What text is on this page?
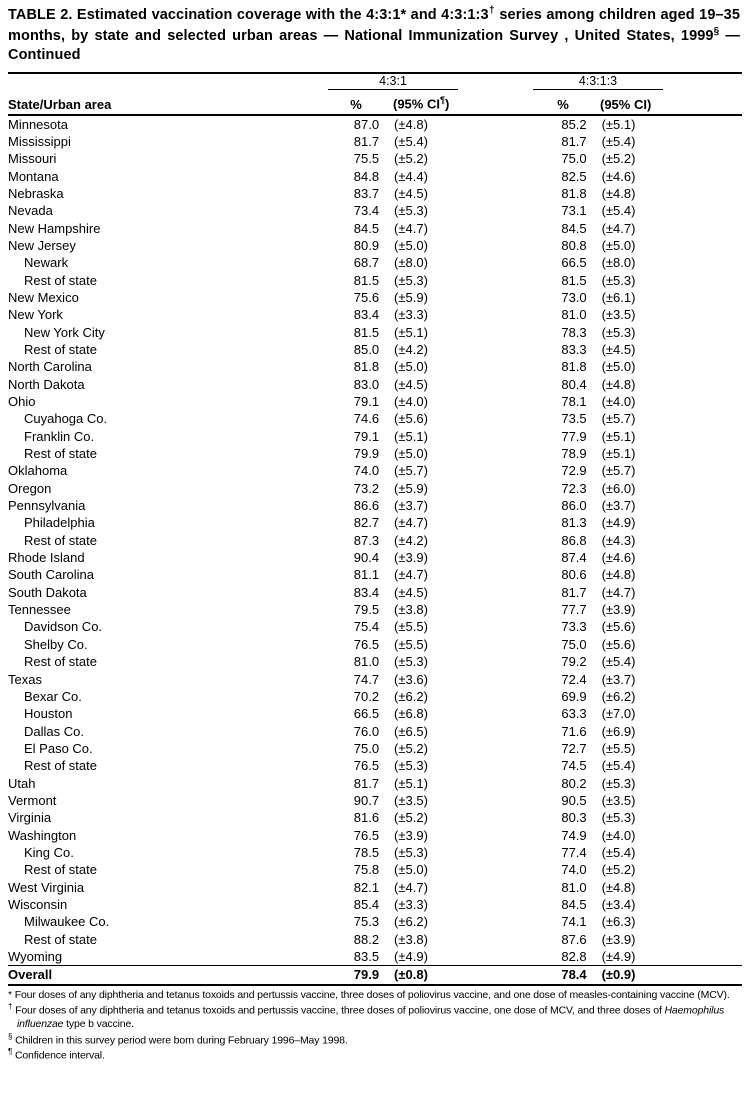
TABLE 2. Estimated vaccination coverage with the 4:3:1* and 4:3:1:3† series among children aged 19–35 months, by state and selected urban areas — National Immunization Survey , United States, 1999§ — Continued
4:3:1	4:3:1:3
State/Urban area	%	(95% CI¶)	%	(95% CI)
Minnesota	87.0	(±4.8)	85.2	(±5.1)
Mississippi	81.7	(±5.4)	81.7	(±5.4)
Missouri	75.5	(±5.2)	75.0	(±5.2)
Montana	84.8	(±4.4)	82.5	(±4.6)
Nebraska	83.7	(±4.5)	81.8	(±4.8)
Nevada	73.4	(±5.3)	73.1	(±5.4)
New Hampshire	84.5	(±4.7)	84.5	(±4.7)
New Jersey	80.9	(±5.0)	80.8	(±5.0)
Newark	68.7	(±8.0)	66.5	(±8.0)
Rest of state	81.5	(±5.3)	81.5	(±5.3)
New Mexico	75.6	(±5.9)	73.0	(±6.1)
New York	83.4	(±3.3)	81.0	(±3.5)
New York City	81.5	(±5.1)	78.3	(±5.3)
Rest of state	85.0	(±4.2)	83.3	(±4.5)
North Carolina	81.8	(±5.0)	81.8	(±5.0)
North Dakota	83.0	(±4.5)	80.4	(±4.8)
Ohio	79.1	(±4.0)	78.1	(±4.0)
Cuyahoga Co.	74.6	(±5.6)	73.5	(±5.7)
Franklin Co.	79.1	(±5.1)	77.9	(±5.1)
Rest of state	79.9	(±5.0)	78.9	(±5.1)
Oklahoma	74.0	(±5.7)	72.9	(±5.7)
Oregon	73.2	(±5.9)	72.3	(±6.0)
Pennsylvania	86.6	(±3.7)	86.0	(±3.7)
Philadelphia	82.7	(±4.7)	81.3	(±4.9)
Rest of state	87.3	(±4.2)	86.8	(±4.3)
Rhode Island	90.4	(±3.9)	87.4	(±4.6)
South Carolina	81.1	(±4.7)	80.6	(±4.8)
South Dakota	83.4	(±4.5)	81.7	(±4.7)
Tennessee	79.5	(±3.8)	77.7	(±3.9)
Davidson Co.	75.4	(±5.5)	73.3	(±5.6)
Shelby Co.	76.5	(±5.5)	75.0	(±5.6)
Rest of state	81.0	(±5.3)	79.2	(±5.4)
Texas	74.7	(±3.6)	72.4	(±3.7)
Bexar Co.	70.2	(±6.2)	69.9	(±6.2)
Houston	66.5	(±6.8)	63.3	(±7.0)
Dallas Co.	76.0	(±6.5)	71.6	(±6.9)
El Paso Co.	75.0	(±5.2)	72.7	(±5.5)
Rest of state	76.5	(±5.3)	74.5	(±5.4)
Utah	81.7	(±5.1)	80.2	(±5.3)
Vermont	90.7	(±3.5)	90.5	(±3.5)
Virginia	81.6	(±5.2)	80.3	(±5.3)
Washington	76.5	(±3.9)	74.9	(±4.0)
King Co.	78.5	(±5.3)	77.4	(±5.4)
Rest of state	75.8	(±5.0)	74.0	(±5.2)
West Virginia	82.1	(±4.7)	81.0	(±4.8)
Wisconsin	85.4	(±3.3)	84.5	(±3.4)
Milwaukee Co.	75.3	(±6.2)	74.1	(±6.3)
Rest of state	88.2	(±3.8)	87.6	(±3.9)
Wyoming	83.5	(±4.9)	82.8	(±4.9)
Overall	79.9	(±0.8)	78.4	(±0.9)
* Four doses of any diphtheria and tetanus toxoids and pertussis vaccine, three doses of poliovirus vaccine, and one dose of measles-containing vaccine (MCV).
† Four doses of any diphtheria and tetanus toxoids and pertussis vaccine, three doses of poliovirus vaccine, one dose of MCV, and three doses of Haemophilus influenzae type b vaccine.
§ Children in this survey period were born during February 1996–May 1998.
¶ Confidence interval.
